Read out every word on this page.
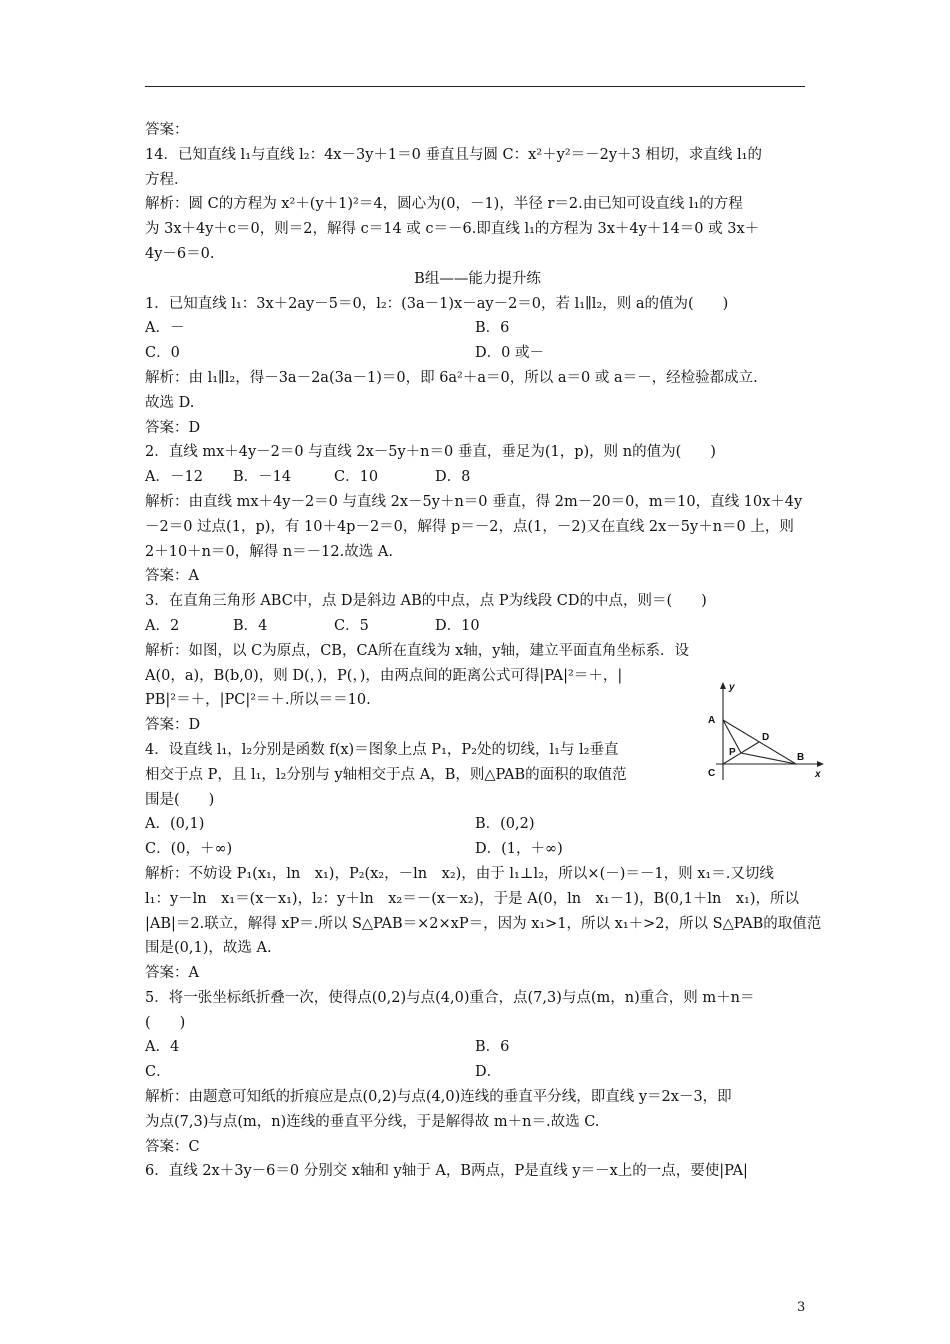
答案：
14．已知直线 l₁与直线 l₂：4x－3y＋1＝0 垂直且与圆 C：x²＋y²＝－2y＋3 相切，求直线 l₁的
方程．
解析：圆 C的方程为 x²＋(y＋1)²＝4，圆心为(0，－1)，半径 r＝2.由已知可设直线 l₁的方程
为 3x＋4y＋c＝0，则＝2，解得 c＝14 或 c＝－6.即直线 l₁的方程为 3x＋4y＋14＝0 或 3x＋
4y－6＝0.
B组——能力提升练
1．已知直线 l₁：3x＋2ay－5＝0，l₂：(3a－1)x－ay－2＝0，若 l₁∥l₂，则 a的值为(　　)
A．－	B．6
C．0	D．0 或－
解析：由 l₁∥l₂，得－3a－2a(3a－1)＝0，即 6a²＋a＝0，所以 a＝0 或 a＝－，经检验都成立.
故选 D.
答案：D
2．直线 mx＋4y－2＝0 与直线 2x－5y＋n＝0 垂直，垂足为(1，p)，则 n的值为(　　)
A．－12 B．－14	C．10	D．8
解析：由直线 mx＋4y－2＝0 与直线 2x－5y＋n＝0 垂直，得 2m－20＝0，m＝10，直线 10x＋4y
－2＝0 过点(1，p)，有 10＋4p－2＝0，解得 p＝－2，点(1，－2)又在直线 2x－5y＋n＝0 上，则
2＋10＋n＝0，解得 n＝－12.故选 A.
答案：A
3．在直角三角形 ABC中，点 D是斜边 AB的中点，点 P为线段 CD的中点，则＝(　　)
A．2	B．4	C．5	D．10
解析：如图，以 C为原点，CB，CA所在直线为 x轴，y轴，建立平面直角坐标系．设
A(0，a)，B(b,0)，则 D(，)，P(，)，由两点间的距离公式可得|PA|²＝＋，|
PB|²＝＋，|PC|²＝＋.所以＝＝10.
答案：D
4．设直线 l₁，l₂分别是函数 f(x)＝图象上点 P₁，P₂处的切线，l₁与 l₂垂直
相交于点 P，且 l₁，l₂分别与 y轴相交于点 A，B，则△PAB的面积的取值范
围是(　　)
A．(0,1)	B．(0,2)
C．(0，＋∞)	D．(1，＋∞)
解析：不妨设 P₁(x₁，ln　x₁)，P₂(x₂，－ln　x₂)，由于 l₁⊥l₂，所以×(－)＝－1，则 x₁＝.又切线
l₁：y－ln　x₁＝(x－x₁)，l₂：y＋ln　x₂＝－(x－x₂)，于是 A(0，ln　x₁－1)，B(0,1＋ln　x₁)，所以
|AB|＝2.联立，解得 xP＝.所以 S△PAB＝×2×xP＝，因为 x₁>1，所以 x₁＋>2，所以 S△PAB的取值范
围是(0,1)，故选 A.
答案：A
5．将一张坐标纸折叠一次，使得点(0,2)与点(4,0)重合，点(7,3)与点(m，n)重合，则 m＋n＝
(　　)
A．4	B．6
C．	D．
解析：由题意可知纸的折痕应是点(0,2)与点(4,0)连线的垂直平分线，即直线 y＝2x－3，即
为点(7,3)与点(m，n)连线的垂直平分线，于是解得故 m＋n＝.故选 C.
答案：C
6．直线 2x＋3y－6＝0 分别交 x轴和 y轴于 A，B两点，P是直线 y＝－x上的一点，要使|PA|
y
x
A
B
C
D
P
3
